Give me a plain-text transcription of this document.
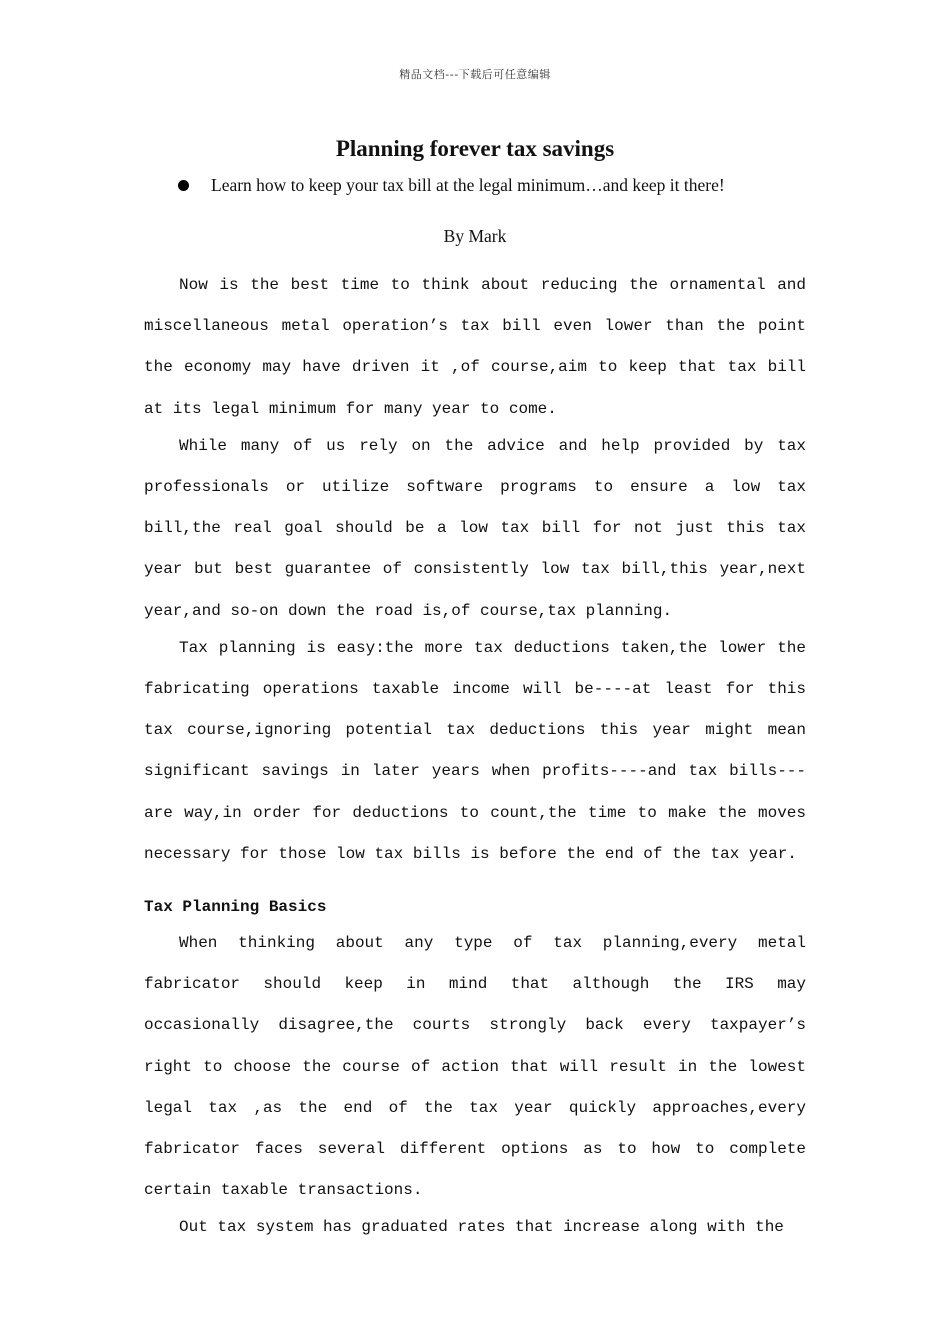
精品文档---下载后可任意编辑
Planning forever tax savings
Learn how to keep your tax bill at the legal minimum…and keep it there!
By Mark

Now is the best time to think about reducing the ornamental and miscellaneous metal operation’s tax bill even lower than the point the economy may have driven it ,of course,aim to keep that tax bill at its legal minimum for many year to come.

While many of us rely on the advice and help provided by tax professionals or utilize software programs to ensure a low tax bill,the real goal should be a low tax bill for not just this tax year but best guarantee of consistently low tax bill,this year,next year,and so-on down the road is,of course,tax planning.

Tax planning is easy:the more tax deductions taken,the lower the fabricating operations taxable income will be----at least for this tax course,ignoring potential tax deductions this year might mean significant savings in later years when profits----and tax bills---are way,in order for deductions to count,the time to make the moves necessary for those low tax bills is before the end of the tax year.

Tax Planning Basics

When thinking about any type of tax planning,every metal fabricator should keep in mind that although the IRS may occasionally disagree,the courts strongly back every taxpayer’s right to choose the course of action that will result in the lowest legal tax ,as the end of the tax year quickly approaches,every fabricator faces several different options as to how to complete certain taxable transactions.

Out tax system has graduated rates that increase along with the
